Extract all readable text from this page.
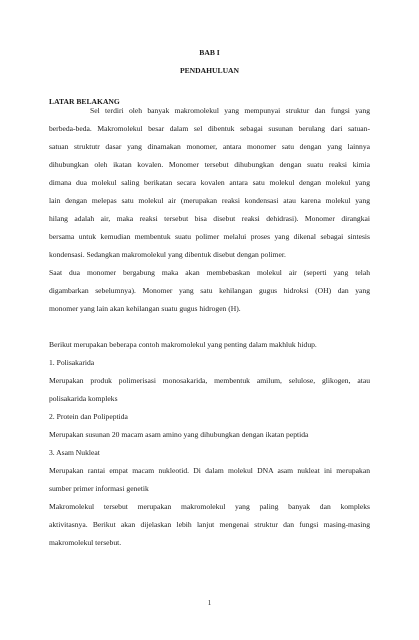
BAB I

PENDAHULUAN

LATAR BELAKANG

Sel terdiri oleh banyak makromolekul yang mempunyai struktur dan fungsi yang

berbeda-beda. Makromolekul besar dalam sel dibentuk sebagai susunan berulang dari satuan-

satuan struktutr dasar yang dinamakan monomer, antara monomer satu dengan yang lainnya

dihubungkan oleh ikatan kovalen. Monomer tersebut dihubungkan dengan suatu reaksi kimia

dimana dua molekul saling berikatan secara kovalen antara satu molekul dengan molekul yang

lain dengan melepas satu molekul air (merupakan reaksi kondensasi atau karena molekul yang

hilang adalah air, maka reaksi tersebut bisa disebut reaksi dehidrasi). Monomer dirangkai

bersama untuk kemudian membentuk suatu polimer melalui proses yang dikenal sebagai sintesis

kondensasi. Sedangkan makromolekul yang dibentuk disebut dengan polimer.

Saat dua monomer bergabung maka akan membebaskan molekul air (seperti yang telah

digambarkan sebelumnya). Monomer yang satu kehilangan gugus hidroksi (OH) dan yang

monomer yang lain akan kehilangan suatu gugus hidrogen (H).

Berikut merupakan beberapa contoh makromolekul yang penting dalam makhluk hidup.

1. Polisakarida

Merupakan produk polimerisasi monosakarida, membentuk amilum, selulose, glikogen, atau

polisakarida kompleks

2. Protein dan Polipeptida

Merupakan susunan 20 macam asam amino yang dihubungkan dengan ikatan peptida

3. Asam Nukleat

Merupakan rantai empat macam nukleotid. Di dalam molekul DNA asam nukleat ini merupakan

sumber primer informasi genetik

Makromolekul tersebut merupakan makromolekul yang paling banyak dan kompleks

aktivitasnya. Berikut akan dijelaskan lebih lanjut mengenai struktur dan fungsi masing-masing

makromolekul tersebut.

1
